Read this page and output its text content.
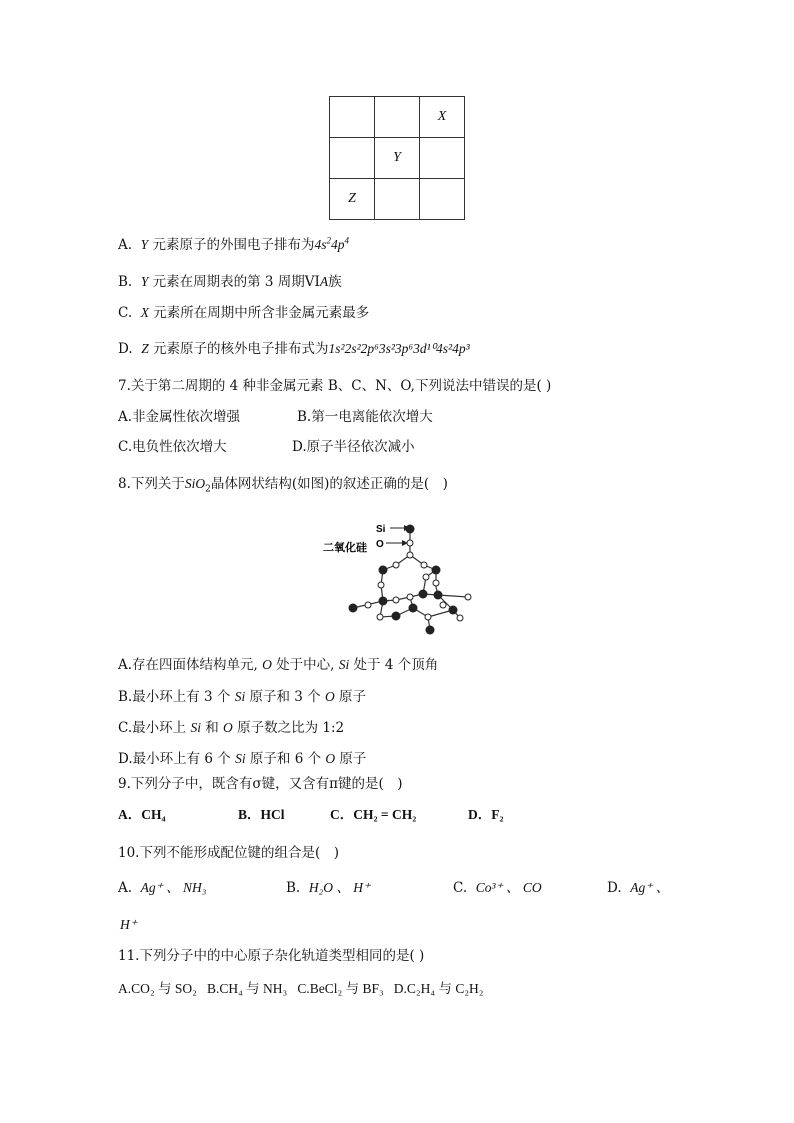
		X
	Y	
Z		
A. Y 元素原子的外围电子排布为$4s^24p^4$
B. Y 元素在周期表的第 3 周期VIA族
C. X 元素所在周期中所含非金属元素最多
D. Z 元素原子的核外电子排布式为1s²2s²2p⁶3s²3p⁶3d¹⁰4s²4p³
7.关于第二周期的 4 种非金属元素 B、C、N、O,下列说法中错误的是( )
A.非金属性依次增强	B.第一电离能依次增大
C.电负性依次增大	D.原子半径依次减小
8.下列关于SiO$_2$晶体网状结构(如图)的叙述正确的是(　)
Si
O
二氧化硅
A.存在四面体结构单元, O 处于中心, Si 处于 4 个顶角
B.最小环上有 3 个 Si 原子和 3 个 O 原子
C.最小环上 Si 和 O 原子数之比为 1:2
D.最小环上有 6 个 Si 原子和 6 个 O 原子
9.下列分子中，既含有σ键，又含有π键的是(　)
A．CH₄	B．HCl	C．CH₂ = CH₂	D．F₂
10.下列不能形成配位键的组合是(　)
A. Ag⁺ 、 NH₃	B. H₂O 、 H⁺	C. Co³⁺ 、 CO	D. Ag⁺ 、
H⁺
11.下列分子中的中心原子杂化轨道类型相同的是( )
A.CO₂ 与 SO₂ B.CH₄ 与 NH₃ C.BeCl₂ 与 BF₃ D.C₂H₄ 与 C₂H₂
